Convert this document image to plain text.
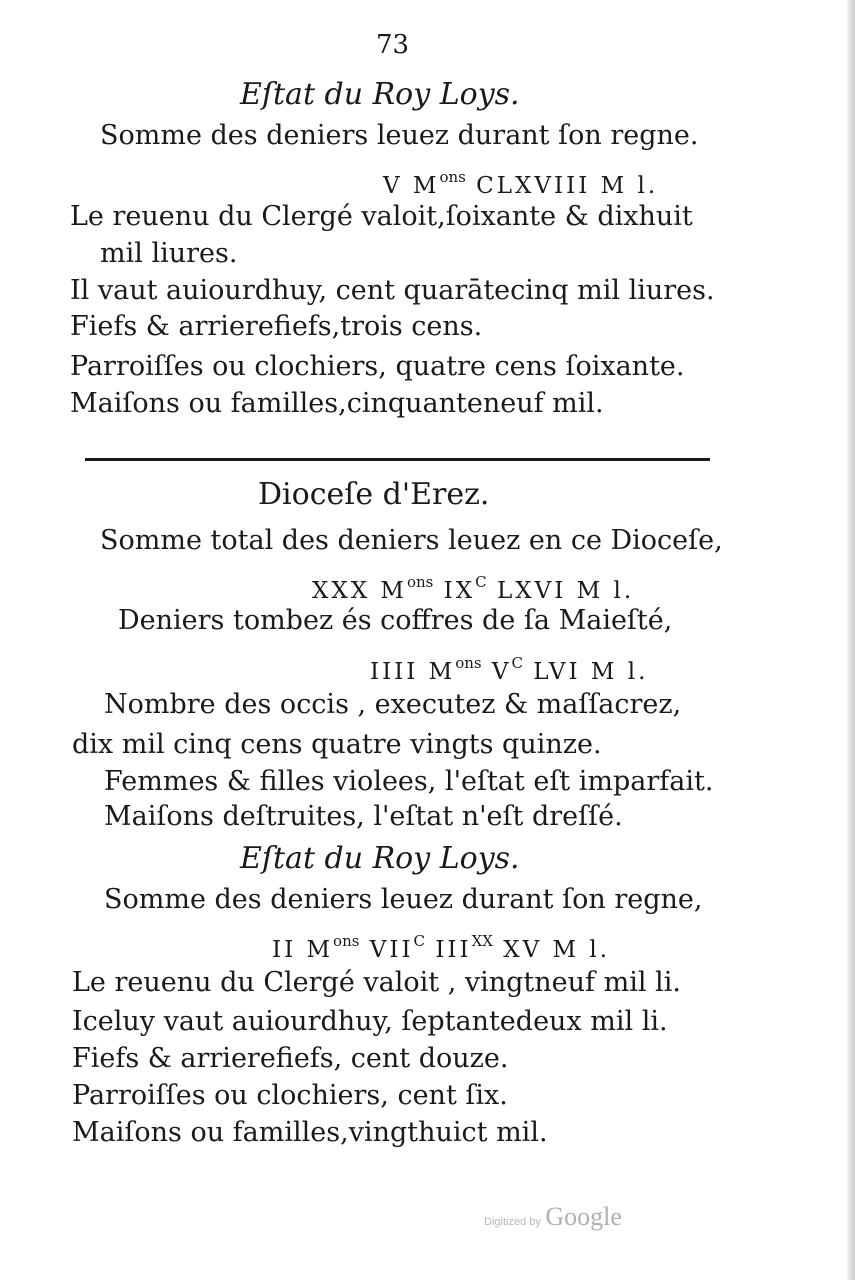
73
Eſtat du Roy Loys.
Somme des deniers leuez durant ſon regne.
V $M^{ons}$ CLXVIII M l.
Le reuenu du Clergé valoit,ſoixante & dixhuit
mil liures.
Il vaut auiourdhuy, cent quarātecinq mil liures.
Fiefs & arrierefiefs,trois cens.
Parroiſſes ou clochiers, quatre cens ſoixante.
Maiſons ou familles,cinquanteneuf mil.
Dioceſe d'Erez.
Somme total des deniers leuez en ce Dioceſe,
XXX $M^{ons}$ $IX^C$ LXVI M l.
Deniers tombez és coffres de ſa Maieſté,
IIII $M^{ons}$ $V^C$ LVI M l.
Nombre des occis , executez & maſſacrez,
dix mil cinq cens quatre vingts quinze.
Femmes & filles violees, l'eſtat eſt imparfait.
Maiſons deſtruites, l'eſtat n'eſt dreſſé.
Eſtat du Roy Loys.
Somme des deniers leuez durant ſon regne,
II $M^{ons}$ $VII^C$ $III^{XX}$ XV M l.
Le reuenu du Clergé valoit , vingtneuf mil li.
Iceluy vaut auiourdhuy, ſeptantedeux mil li.
Fiefs & arrierefiefs, cent douze.
Parroiſſes ou clochiers, cent ſix.
Maiſons ou familles,vingthuict mil.
Digitized by Google
